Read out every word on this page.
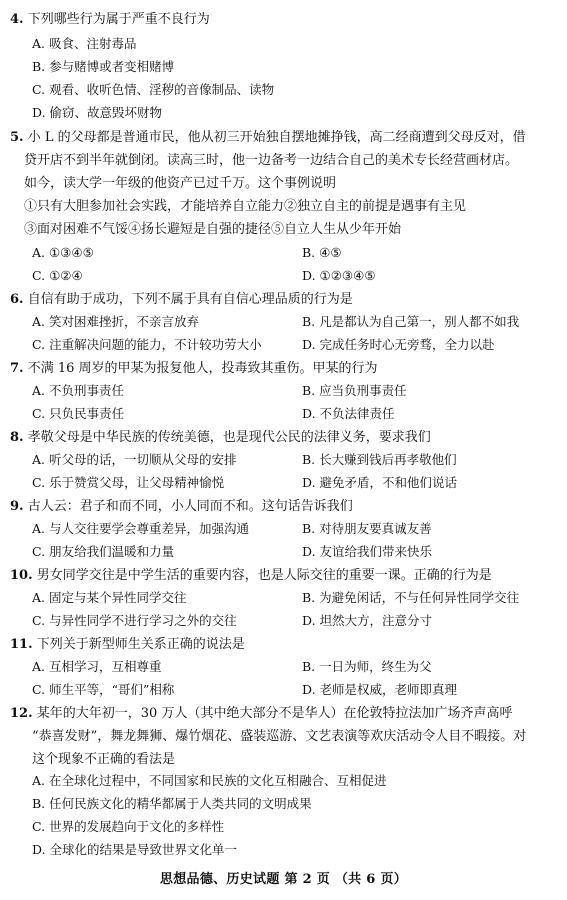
4. 下列哪些行为属于严重不良行为
A. 吸食、注射毒品
B. 参与赌博或者变相赌博
C. 观看、收听色情、淫秽的音像制品、读物
D. 偷窃、故意毁坏财物
5. 小 L 的父母都是普通市民，他从初三开始独自摆地摊挣钱，高二经商遭到父母反对，借
贷开店不到半年就倒闭。读高三时，他一边备考一边结合自己的美术专长经营画材店。
如今，读大学一年级的他资产已过千万。这个事例说明
①只有大胆参加社会实践，才能培养自立能力②独立自主的前提是遇事有主见
③面对困难不气馁④扬长避短是自强的捷径⑤自立人生从少年开始
A. ①③④⑤	B. ④⑤
C. ①②④	D. ①②③④⑤
6. 自信有助于成功，下列不属于具有自信心理品质的行为是
A. 笑对困难挫折，不亲言放弃	B. 凡是都认为自己第一，别人都不如我
C. 注重解决问题的能力，不计较功劳大小	D. 完成任务时心无旁骛，全力以赴
7. 不满 16 周岁的甲某为报复他人，投毒致其重伤。甲某的行为
A. 不负刑事责任	B. 应当负刑事责任
C. 只负民事责任	D. 不负法律责任
8. 孝敬父母是中华民族的传统美德，也是现代公民的法律义务，要求我们
A. 听父母的话，一切顺从父母的安排	B. 长大赚到钱后再孝敬他们
C. 乐于赞赏父母，让父母精神愉悦	D. 避免矛盾，不和他们说话
9. 古人云：君子和而不同，小人同而不和。这句话告诉我们
A. 与人交往要学会尊重差异，加强沟通	B. 对待朋友要真诚友善
C. 朋友给我们温暖和力量	D. 友谊给我们带来快乐
10. 男女同学交往是中学生活的重要内容，也是人际交往的重要一课。正确的行为是
A. 固定与某个异性同学交往	B. 为避免闲话，不与任何异性同学交往
C. 与异性同学不进行学习之外的交往	D. 坦然大方，注意分寸
11. 下列关于新型师生关系正确的说法是
A. 互相学习，互相尊重	B. 一日为师，终生为父
C. 师生平等，“哥们”相称	D. 老师是权威，老师即真理
12. 某年的大年初一，30 万人（其中绝大部分不是华人）在伦敦特拉法加广场齐声高呼
“恭喜发财”，舞龙舞狮、爆竹烟花、盛装巡游、文艺表演等欢庆活动令人目不暇接。对
这个现象不正确的看法是
A. 在全球化过程中，不同国家和民族的文化互相融合、互相促进
B. 任何民族文化的精华都属于人类共同的文明成果
C. 世界的发展趋向于文化的多样性
D. 全球化的结果是导致世界文化单一
思想品德、历史试题 第 2 页 （共 6 页）
